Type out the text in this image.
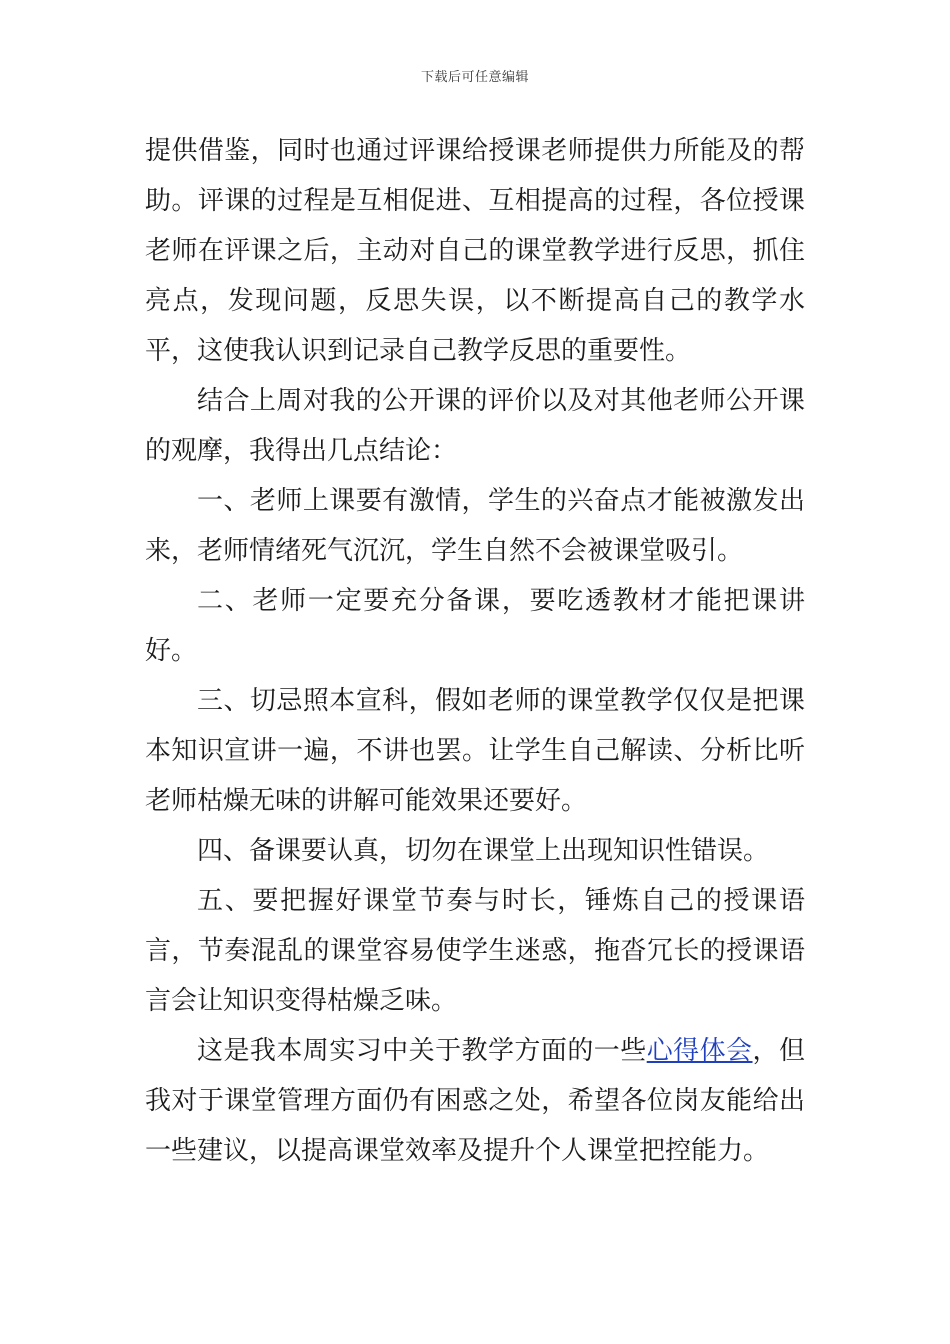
下载后可任意编辑

提供借鉴，同时也通过评课给授课老师提供力所能及的帮助。评课的过程是互相促进、互相提高的过程，各位授课老师在评课之后，主动对自己的课堂教学进行反思，抓住亮点，发现问题，反思失误，以不断提高自己的教学水平，这使我认识到记录自己教学反思的重要性。

结合上周对我的公开课的评价以及对其他老师公开课的观摩，我得出几点结论：

一、老师上课要有激情，学生的兴奋点才能被激发出来，老师情绪死气沉沉，学生自然不会被课堂吸引。

二、老师一定要充分备课，要吃透教材才能把课讲好。

三、切忌照本宣科，假如老师的课堂教学仅仅是把课本知识宣讲一遍，不讲也罢。让学生自己解读、分析比听老师枯燥无味的讲解可能效果还要好。

四、备课要认真，切勿在课堂上出现知识性错误。

五、要把握好课堂节奏与时长，锤炼自己的授课语言，节奏混乱的课堂容易使学生迷惑，拖沓冗长的授课语言会让知识变得枯燥乏味。

这是我本周实习中关于教学方面的一些心得体会，但我对于课堂管理方面仍有困惑之处，希望各位岗友能给出一些建议，以提高课堂效率及提升个人课堂把控能力。
